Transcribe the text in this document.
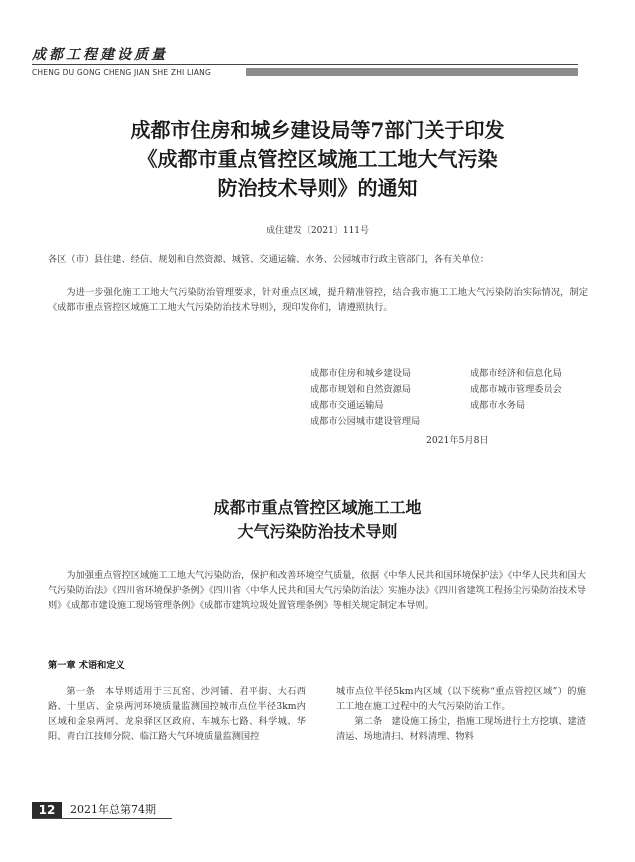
成都工程建设质量
CHENG DU GONG CHENG JIAN SHE ZHI LIANG
成都市住房和城乡建设局等7部门关于印发
《成都市重点管控区域施工工地大气污染
防治技术导则》的通知
成住建发〔2021〕111号
各区（市）县住建、经信、规划和自然资源、城管、交通运输、水务、公园城市行政主管部门，各有关单位：
为进一步强化施工工地大气污染防治管理要求，针对重点区域，提升精准管控，结合我市施工工地大气污染防治实际情况，制定《成都市重点管控区域施工工地大气污染防治技术导则》，现印发你们，请遵照执行。
成都市住房和城乡建设局	成都市经济和信息化局
成都市规划和自然资源局	成都市城市管理委员会
成都市交通运输局	成都市水务局
成都市公园城市建设管理局
2021年5月8日
成都市重点管控区域施工工地
大气污染防治技术导则
为加强重点管控区域施工工地大气污染防治，保护和改善环境空气质量，依据《中华人民共和国环境保护法》《中华人民共和国大气污染防治法》《四川省环境保护条例》《四川省〈中华人民共和国大气污染防治法〉实施办法》《四川省建筑工程扬尘污染防治技术导则》《成都市建设施工现场管理条例》《成都市建筑垃圾处置管理条例》等相关规定制定本导则。
第一章 术语和定义
第一条　本导则适用于三瓦窑、沙河铺、君平街、大石西路、十里店、金泉两河环境质量监测国控城市点位半径3km内区域和金泉两河、龙泉驿区区政府、车城东七路、科学城、华阳、青白江技师分院、临江路大气环境质量监测国控

城市点位半径5km内区域（以下统称“重点管控区域”）的施工工地在施工过程中的大气污染防治工作。

第二条　建设施工扬尘，指施工现场进行土方挖填、建渣清运、场地清扫、材料清理、物料

12	2021年总第74期
